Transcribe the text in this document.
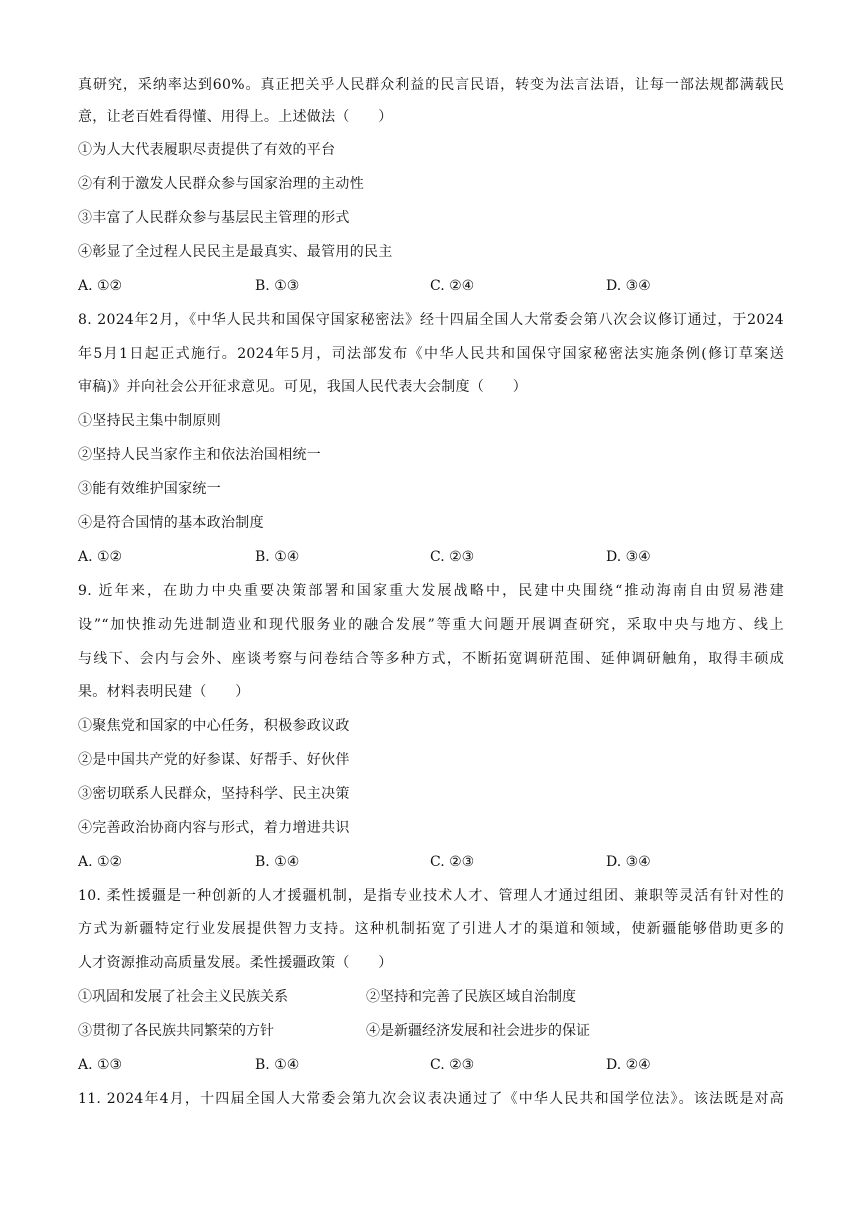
真研究，采纳率达到60%。真正把关乎人民群众利益的民言民语，转变为法言法语，让每一部法规都满载民
意，让老百姓看得懂、用得上。上述做法（　　）
①为人大代表履职尽责提供了有效的平台
②有利于激发人民群众参与国家治理的主动性
③丰富了人民群众参与基层民主管理的形式
④彰显了全过程人民民主是最真实、最管用的民主
A. ①②	B. ①③	C. ②④	D. ③④
8. 2024年2月，《中华人民共和国保守国家秘密法》经十四届全国人大常委会第八次会议修订通过，于2024
年5月1日起正式施行。2024年5月，司法部发布《中华人民共和国保守国家秘密法实施条例(修订草案送
审稿)》并向社会公开征求意见。可见，我国人民代表大会制度（　　）
①坚持民主集中制原则
②坚持人民当家作主和依法治国相统一
③能有效维护国家统一
④是符合国情的基本政治制度
A. ①②	B. ①④	C. ②③	D. ③④
9. 近年来，在助力中央重要决策部署和国家重大发展战略中，民建中央围绕“推动海南自由贸易港建
设”“加快推动先进制造业和现代服务业的融合发展”等重大问题开展调查研究，采取中央与地方、线上
与线下、会内与会外、座谈考察与问卷结合等多种方式，不断拓宽调研范围、延伸调研触角，取得丰硕成
果。材料表明民建（　　）
①聚焦党和国家的中心任务，积极参政议政
②是中国共产党的好参谋、好帮手、好伙伴
③密切联系人民群众，坚持科学、民主决策
④完善政治协商内容与形式，着力增进共识
A. ①②	B. ①④	C. ②③	D. ③④
10. 柔性援疆是一种创新的人才援疆机制，是指专业技术人才、管理人才通过组团、兼职等灵活有针对性的
方式为新疆特定行业发展提供智力支持。这种机制拓宽了引进人才的渠道和领域，使新疆能够借助更多的
人才资源推动高质量发展。柔性援疆政策（　　）
①巩固和发展了社会主义民族关系	②坚持和完善了民族区域自治制度
③贯彻了各民族共同繁荣的方针	④是新疆经济发展和社会进步的保证
A. ①③	B. ①④	C. ②③	D. ②④
11. 2024年4月，十四届全国人大常委会第九次会议表决通过了《中华人民共和国学位法》。该法既是对高
